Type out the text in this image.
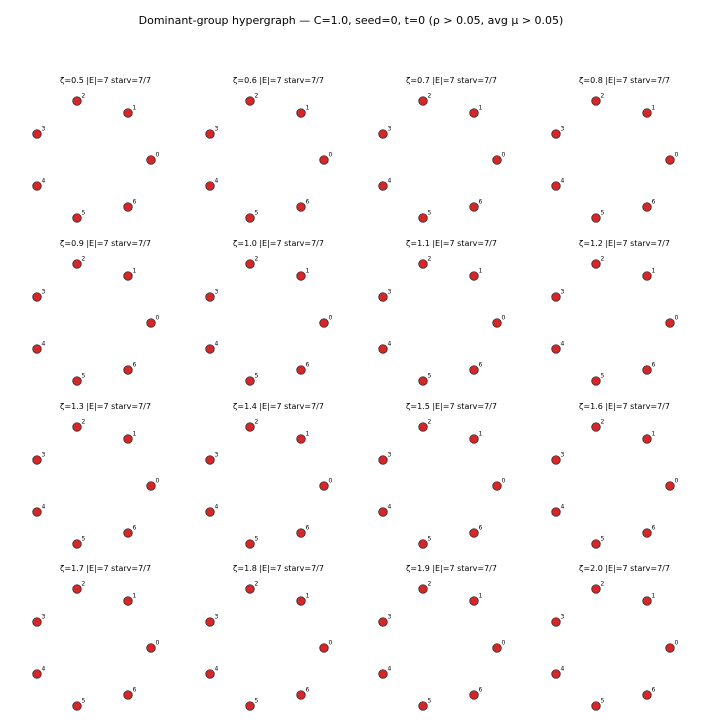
Dominant-group hypergraph — C=1.0, seed=0, t=0 (ρ > 0.05, avg μ > 0.05)
ζ=0.5 |E|=7 starv=7/7
0
1
2
3
4
5
6
ζ=0.6 |E|=7 starv=7/7
0
1
2
3
4
5
6
ζ=0.7 |E|=7 starv=7/7
0
1
2
3
4
5
6
ζ=0.8 |E|=7 starv=7/7
0
1
2
3
4
5
6
ζ=0.9 |E|=7 starv=7/7
0
1
2
3
4
5
6
ζ=1.0 |E|=7 starv=7/7
0
1
2
3
4
5
6
ζ=1.1 |E|=7 starv=7/7
0
1
2
3
4
5
6
ζ=1.2 |E|=7 starv=7/7
0
1
2
3
4
5
6
ζ=1.3 |E|=7 starv=7/7
0
1
2
3
4
5
6
ζ=1.4 |E|=7 starv=7/7
0
1
2
3
4
5
6
ζ=1.5 |E|=7 starv=7/7
0
1
2
3
4
5
6
ζ=1.6 |E|=7 starv=7/7
0
1
2
3
4
5
6
ζ=1.7 |E|=7 starv=7/7
0
1
2
3
4
5
6
ζ=1.8 |E|=7 starv=7/7
0
1
2
3
4
5
6
ζ=1.9 |E|=7 starv=7/7
0
1
2
3
4
5
6
ζ=2.0 |E|=7 starv=7/7
0
1
2
3
4
5
6
